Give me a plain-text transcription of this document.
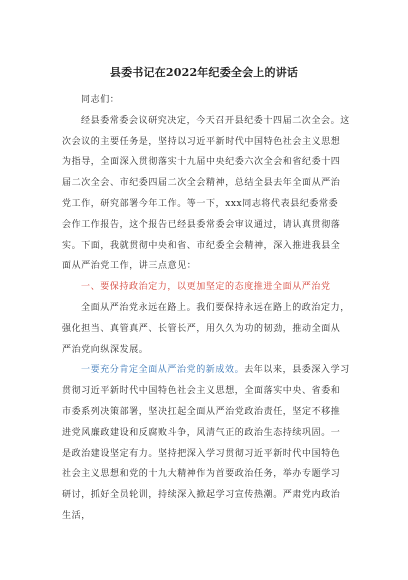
县委书记在2022年纪委全会上的讲话
同志们：
经县委常委会议研究决定，今天召开县纪委十四届二次全会。这
次会议的主要任务是，坚持以习近平新时代中国特色社会主义思想
为指导，全面深入贯彻落实十九届中央纪委六次全会和省纪委十四
届二次全会、市纪委四届二次全会精神，总结全县去年全面从严治
党工作，研究部署今年工作。等一下，xxx同志将代表县纪委常委
会作工作报告，这个报告已经县委常委会审议通过，请认真贯彻落
实。下面，我就贯彻中央和省、市纪委全会精神，深入推进我县全
面从严治党工作，讲三点意见：
一、要保持政治定力，以更加坚定的态度推进全面从严治党
全面从严治党永远在路上。我们要保持永远在路上的政治定力，
强化担当、真管真严、长管长严，用久久为功的韧劲，推动全面从
严治党向纵深发展。
一要充分肯定全面从严治党的新成效。去年以来，县委深入学习
贯彻习近平新时代中国特色社会主义思想，全面落实中央、省委和
市委系列决策部署，坚决扛起全面从严治党政治责任，坚定不移推
进党风廉政建设和反腐败斗争，风清气正的政治生态持续巩固。一
是政治建设坚定有力。坚持把深入学习贯彻习近平新时代中国特色
社会主义思想和党的十九大精神作为首要政治任务，举办专题学习
研讨，抓好全员轮训，持续深入掀起学习宣传热潮。严肃党内政治
生活，
